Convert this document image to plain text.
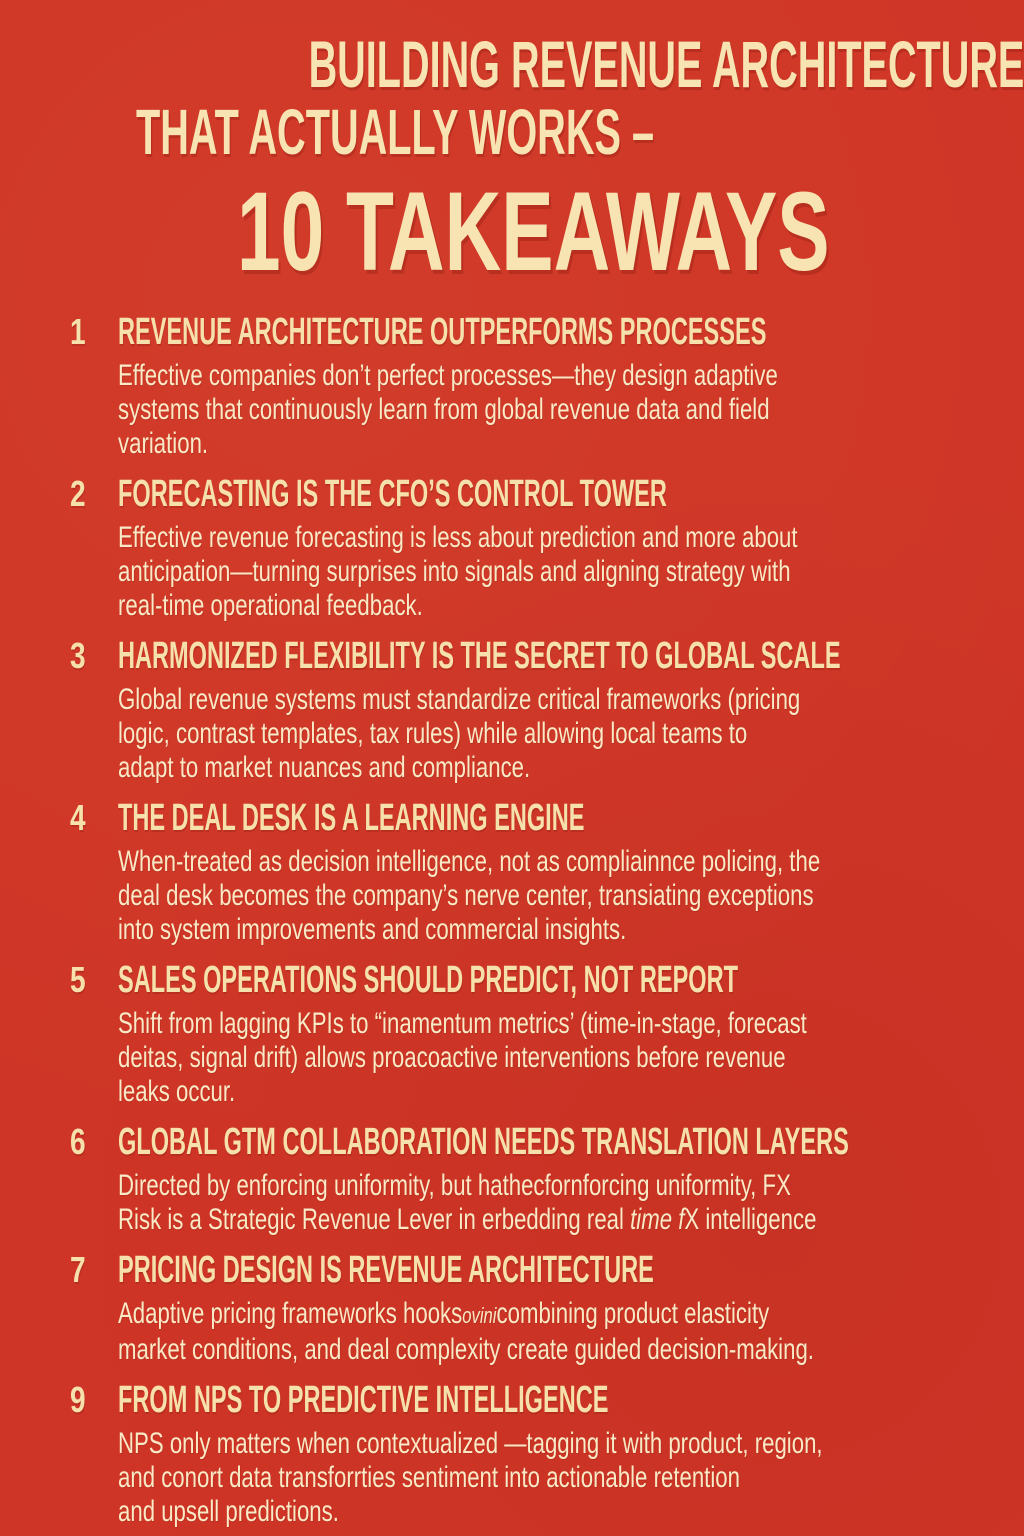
BUILDING REVENUE ARCHITECTURE
THAT ACTUALLY WORKS –
10 TAKEAWAYS
1 REVENUE ARCHITECTURE OUTPERFORMS PROCESSES
Effective companies don’t perfect processes—they design adaptive
systems that continuously learn from global revenue data and field
variation.
2 FORECASTING IS THE CFO’S CONTROL TOWER
Effective revenue forecasting is less about prediction and more about
anticipation—turning surprises into signals and aligning strategy with
real-time operational feedback.
3 HARMONIZED FLEXIBILITY IS THE SECRET TO GLOBAL SCALE
Global revenue systems must standardize critical frameworks (pricing
logic, contrast templates, tax rules) while allowing local teams to
adapt to market nuances and compliance.
4 THE DEAL DESK IS A LEARNING ENGINE
When-treated as decision intelligence, not as compliainnce policing, the
deal desk becomes the company’s nerve center, transiating exceptions
into system improvements and commercial insights.
5 SALES OPERATIONS SHOULD PREDICT, NOT REPORT
Shift from lagging KPIs to “inamentum metrics’ (time-in-stage, forecast
deitas, signal drift) allows proacoactive interventions before revenue
leaks occur.
6 GLOBAL GTM COLLABORATION NEEDS TRANSLATION LAYERS
Directed by enforcing uniformity, but hathecfornforcing uniformity, FX
Risk is a Strategic Revenue Lever in erbedding real time fX intelligence
7 PRICING DESIGN IS REVENUE ARCHITECTURE
Adaptive pricing frameworks hooksovinicombining product elasticity
market conditions, and deal complexity create guided decision-making.
9 FROM NPS TO PREDICTIVE INTELLIGENCE
NPS only matters when contextualized —tagging it with product, region,
and conort data transforrties sentiment into actionable retention
and upsell predictions.
